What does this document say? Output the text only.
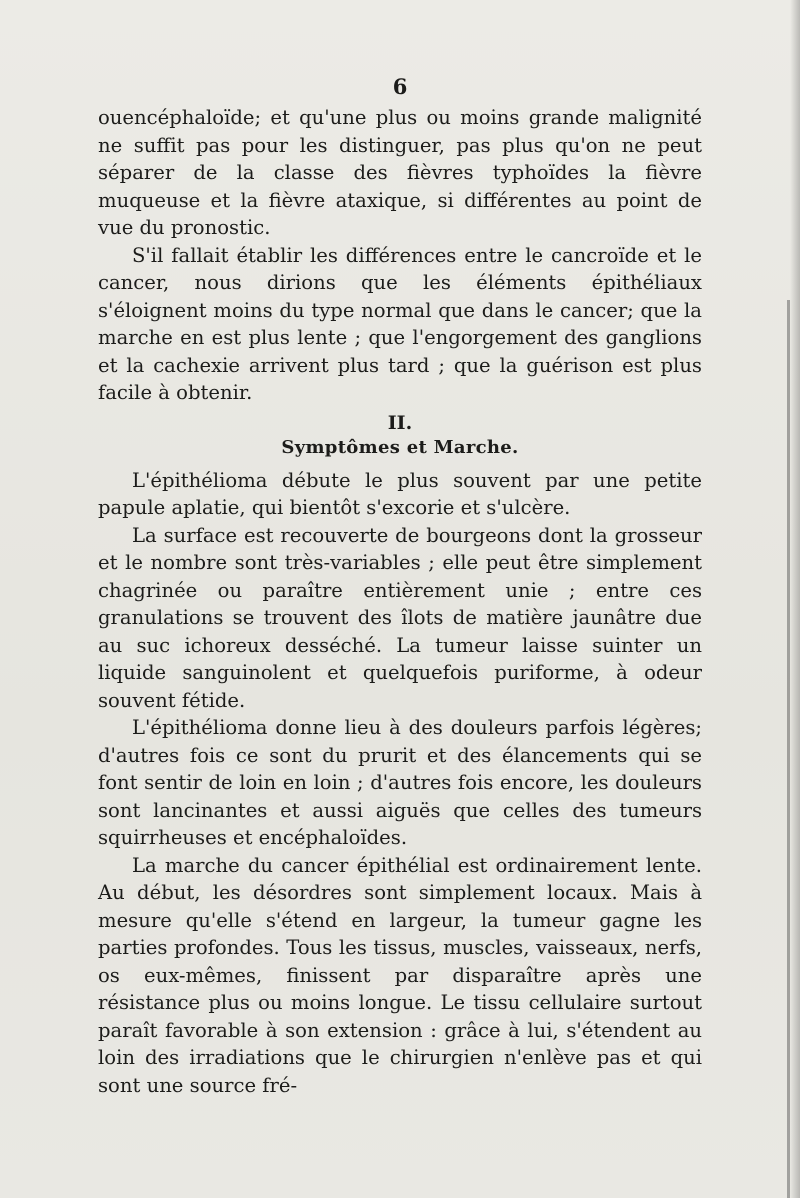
6

ouencéphaloïde; et qu'une plus ou moins grande malignité ne suffit pas pour les distinguer, pas plus qu'on ne peut séparer de la classe des fièvres typhoïdes la fièvre muqueuse et la fièvre ataxique, si différentes au point de vue du pronostic.

S'il fallait établir les différences entre le cancroïde et le cancer, nous dirions que les éléments épithéliaux s'éloignent moins du type normal que dans le cancer; que la marche en est plus lente ; que l'engorgement des ganglions et la cachexie arrivent plus tard ; que la guérison est plus facile à obtenir.

II.
Symptômes et Marche.

L'épithélioma débute le plus souvent par une petite papule aplatie, qui bientôt s'excorie et s'ulcère.

La surface est recouverte de bourgeons dont la grosseur et le nombre sont très-variables ; elle peut être simplement chagrinée ou paraître entièrement unie ; entre ces granulations se trouvent des îlots de matière jaunâtre due au suc ichoreux desséché. La tumeur laisse suinter un liquide sanguinolent et quelquefois puriforme, à odeur souvent fétide.

L'épithélioma donne lieu à des douleurs parfois légères; d'autres fois ce sont du prurit et des élancements qui se font sentir de loin en loin ; d'autres fois encore, les douleurs sont lancinantes et aussi aiguës que celles des tumeurs squirrheuses et encéphaloïdes.

La marche du cancer épithélial est ordinairement lente. Au début, les désordres sont simplement locaux. Mais à mesure qu'elle s'étend en largeur, la tumeur gagne les parties profondes. Tous les tissus, muscles, vaisseaux, nerfs, os eux-mêmes, finissent par disparaître après une résistance plus ou moins longue. Le tissu cellulaire surtout paraît favorable à son extension : grâce à lui, s'étendent au loin des irradiations que le chirurgien n'enlève pas et qui sont une source fré-
